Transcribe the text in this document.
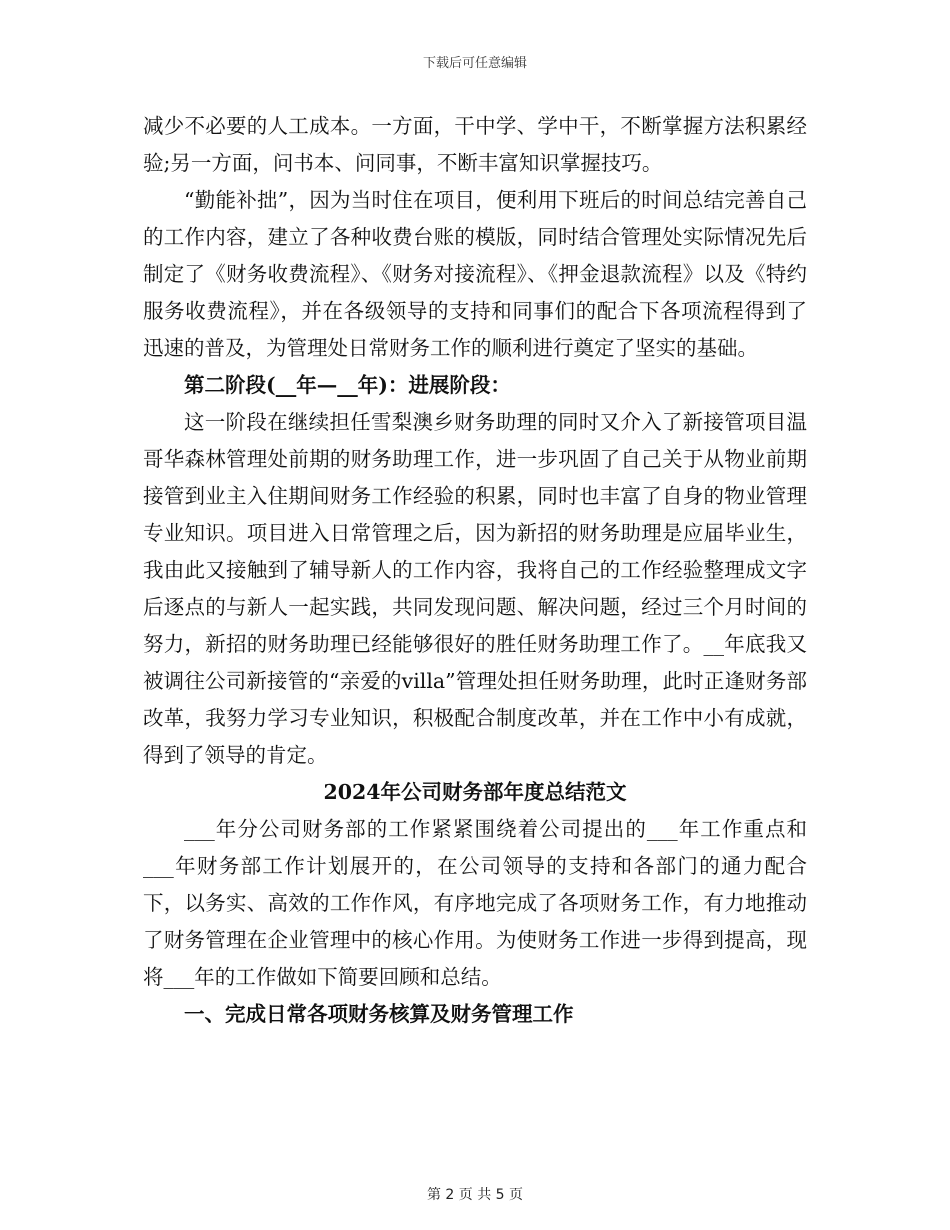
下载后可任意编辑

减少不必要的人工成本。一方面，干中学、学中干，不断掌握方法积累经验;另一方面，问书本、问同事，不断丰富知识掌握技巧。

“勤能补拙”，因为当时住在项目，便利用下班后的时间总结完善自己的工作内容，建立了各种收费台账的模版，同时结合管理处实际情况先后制定了《财务收费流程》、《财务对接流程》、《押金退款流程》以及《特约服务收费流程》，并在各级领导的支持和同事们的配合下各项流程得到了迅速的普及，为管理处日常财务工作的顺利进行奠定了坚实的基础。

第二阶段(__年—__年)：进展阶段：

这一阶段在继续担任雪梨澳乡财务助理的同时又介入了新接管项目温哥华森林管理处前期的财务助理工作，进一步巩固了自己关于从物业前期接管到业主入住期间财务工作经验的积累，同时也丰富了自身的物业管理专业知识。项目进入日常管理之后，因为新招的财务助理是应届毕业生，我由此又接触到了辅导新人的工作内容，我将自己的工作经验整理成文字后逐点的与新人一起实践，共同发现问题、解决问题，经过三个月时间的努力，新招的财务助理已经能够很好的胜任财务助理工作了。__年底我又被调往公司新接管的“亲爱的villa”管理处担任财务助理，此时正逢财务部改革，我努力学习专业知识，积极配合制度改革，并在工作中小有成就，得到了领导的肯定。

2024年公司财务部年度总结范文

___年分公司财务部的工作紧紧围绕着公司提出的___年工作重点和___年财务部工作计划展开的，在公司领导的支持和各部门的通力配合下，以务实、高效的工作作风，有序地完成了各项财务工作，有力地推动了财务管理在企业管理中的核心作用。为使财务工作进一步得到提高，现将___年的工作做如下简要回顾和总结。

一、完成日常各项财务核算及财务管理工作

第 2 页 共 5 页
